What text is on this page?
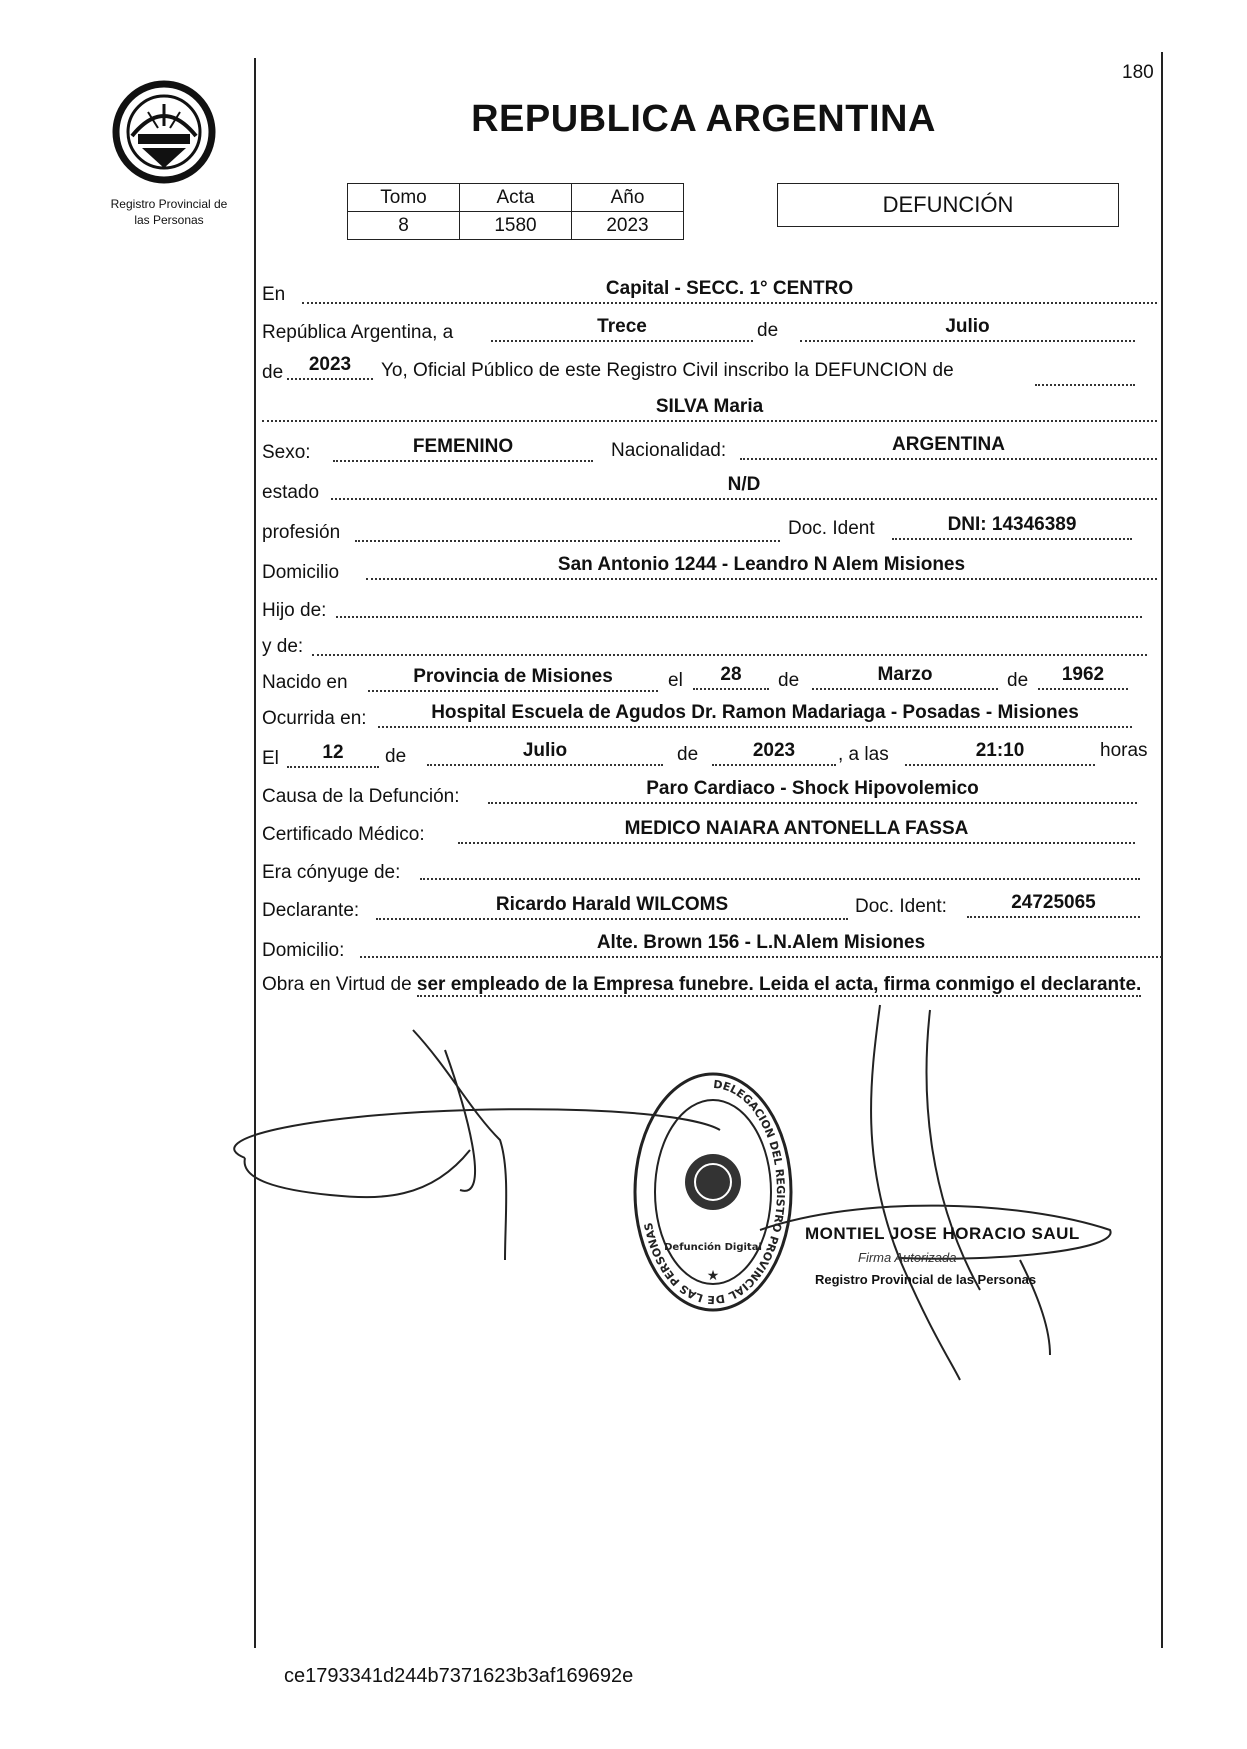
Registro Provincial de
las Personas
180
REPUBLICA ARGENTINA
Tomo	Acta	Año
8	1580	2023
DEFUNCIÓN
En	Capital - SECC. 1° CENTRO
República Argentina, a	Trece	de	Julio
de	2023	Yo, Oficial Público de este Registro Civil inscribo la DEFUNCION de
SILVA Maria
Sexo:	FEMENINO	Nacionalidad:	ARGENTINA
estado	N/D
profesión	Doc. Ident	DNI: 14346389
Domicilio	San Antonio 1244 - Leandro N Alem Misiones
Hijo de:
y de:
Nacido en	Provincia de Misiones	el	28	de	Marzo	de	1962
Ocurrida en:	Hospital Escuela de Agudos Dr. Ramon Madariaga - Posadas - Misiones
El	12	de	Julio	de	2023	, a las	21:10	horas
Causa de la Defunción:	Paro Cardiaco - Shock Hipovolemico
Certificado Médico:	MEDICO NAIARA ANTONELLA FASSA
Era cónyuge de:
Declarante:	Ricardo Harald WILCOMS	Doc. Ident:	24725065
Domicilio:	Alte. Brown 156 - L.N.Alem Misiones
Obra en Virtud de ser empleado de la Empresa funebre. Leida el acta, firma conmigo el declarante.
DELEGACION DEL REGISTRO PROVINCIAL DE LAS PERSONAS
Defunción Digital
★
MONTIEL JOSE HORACIO SAUL
Firma Autorizada
Registro Provincial de las Personas
ce1793341d244b7371623b3af169692e
